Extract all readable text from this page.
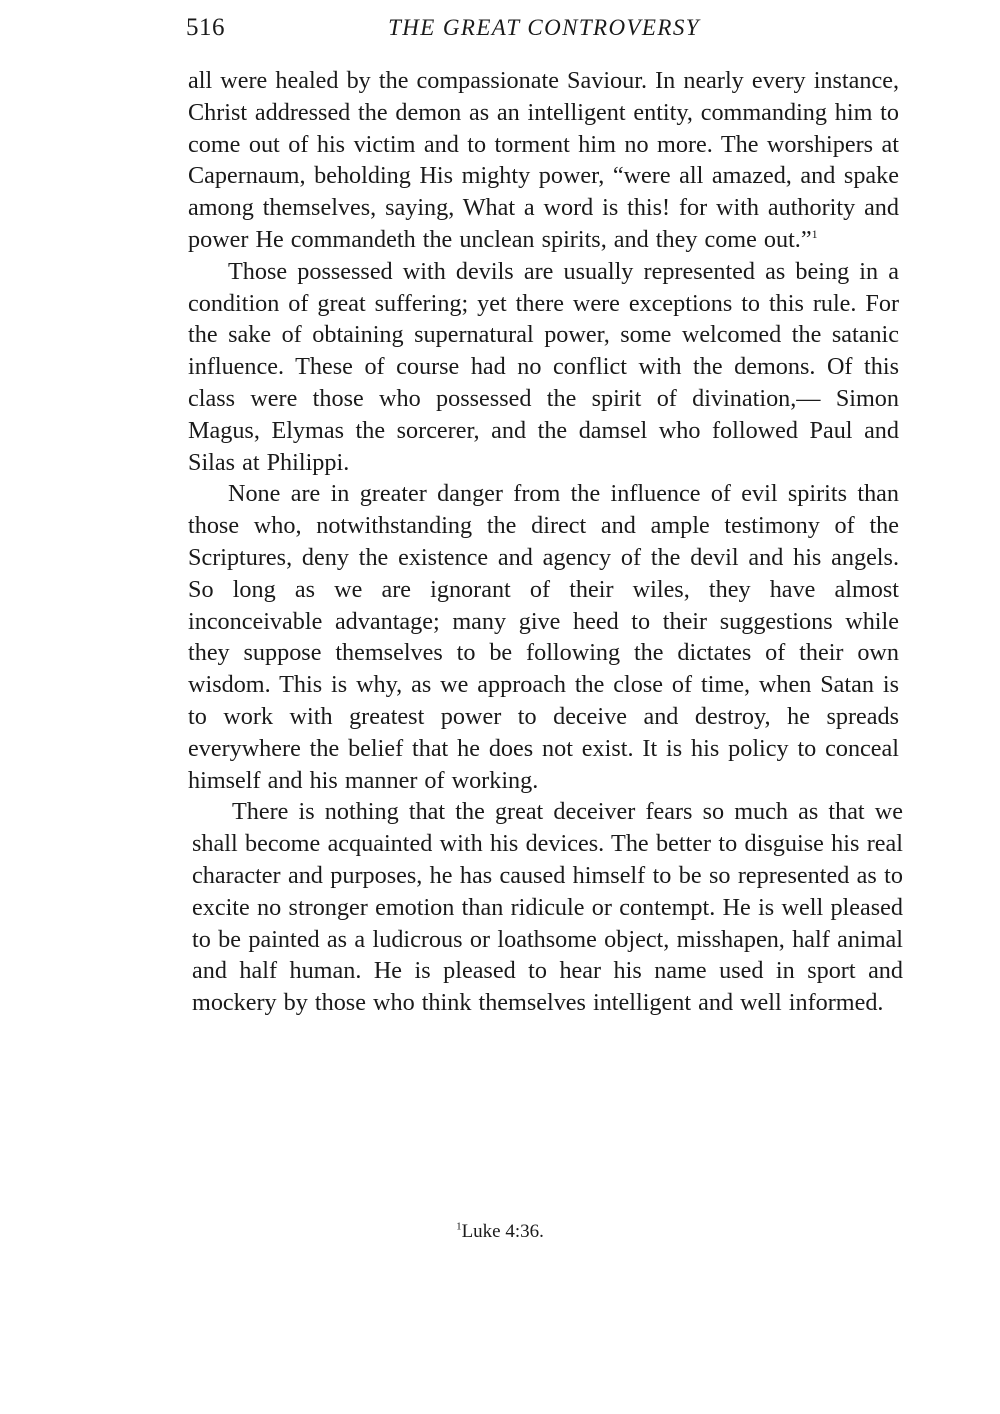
516	THE GREAT CONTROVERSY

all were healed by the compassionate Saviour. In nearly every instance, Christ addressed the demon as an intelligent entity, commanding him to come out of his victim and to torment him no more. The worshipers at Capernaum, beholding His mighty power, “were all amazed, and spake among themselves, saying, What a word is this! for with authority and power He commandeth the unclean spirits, and they come out.”$^1$

Those possessed with devils are usually represented as being in a condition of great suffering; yet there were exceptions to this rule. For the sake of obtaining supernatural power, some welcomed the satanic influence. These of course had no conflict with the demons. Of this class were those who possessed the spirit of divination,— Simon Magus, Elymas the sorcerer, and the damsel who followed Paul and Silas at Philippi.

None are in greater danger from the influence of evil spirits than those who, notwithstanding the direct and ample testimony of the Scriptures, deny the existence and agency of the devil and his angels. So long as we are ignorant of their wiles, they have almost inconceivable advantage; many give heed to their suggestions while they suppose themselves to be following the dictates of their own wisdom. This is why, as we approach the close of time, when Satan is to work with greatest power to deceive and destroy, he spreads everywhere the belief that he does not exist. It is his policy to conceal himself and his manner of working.

There is nothing that the great deceiver fears so much as that we shall become acquainted with his devices. The better to disguise his real character and purposes, he has caused himself to be so represented as to excite no stronger emotion than ridicule or contempt. He is well pleased to be painted as a ludicrous or loathsome object, misshapen, half animal and half human. He is pleased to hear his name used in sport and mockery by those who think themselves intelligent and well informed.

$^1$Luke 4:36.
